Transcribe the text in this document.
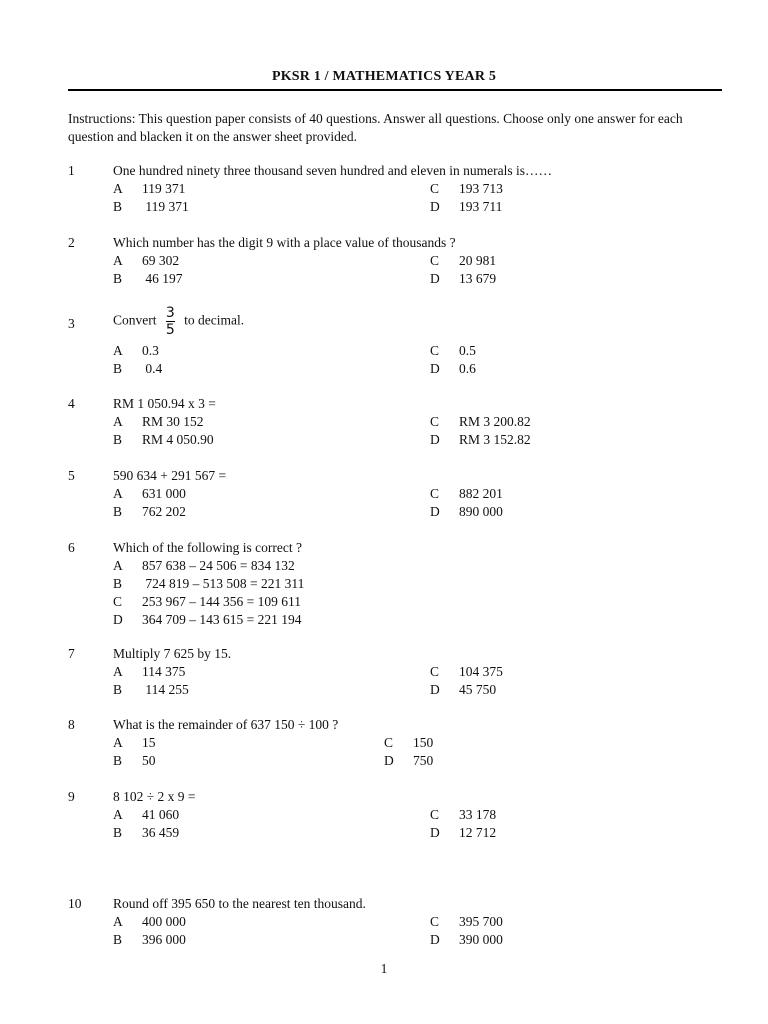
PKSR 1 / MATHEMATICS YEAR 5
Instructions: This question paper consists of 40 questions. Answer all questions. Choose only one answer for each question and blacken it on the answer sheet provided.
1	One hundred ninety three thousand seven hundred and eleven in numerals is……
A 119 371
B 119 371
C 193 713
D 193 711
2	Which number has the digit 9 with a place value of thousands ?
A 69 302
B 46 197
C 20 981
D 13 679
3	Convert $\frac{3}{5}$ to decimal.
A 0.3
B 0.4
C 0.5
D 0.6
4	RM 1 050.94 x 3 =
A RM 30 152
B RM 4 050.90
C RM 3 200.82
D RM 3 152.82
5	590 634 + 291 567 =
A 631 000
B 762 202
C 882 201
D 890 000
6	Which of the following is correct ?
A 857 638 – 24 506 = 834 132
B 724 819 – 513 508 = 221 311
C 253 967 – 144 356 = 109 611
D 364 709 – 143 615 = 221 194
7	Multiply 7 625 by 15.
A 114 375
B 114 255
C 104 375
D 45 750
8	What is the remainder of 637 150 ÷ 100 ?
A 15
B 50
C 150
D 750
9	8 102 ÷ 2 x 9 =
A 41 060
B 36 459
C 33 178
D 12 712
10 Round off 395 650 to the nearest ten thousand.
A 400 000
B 396 000
C 395 700
D 390 000
1
